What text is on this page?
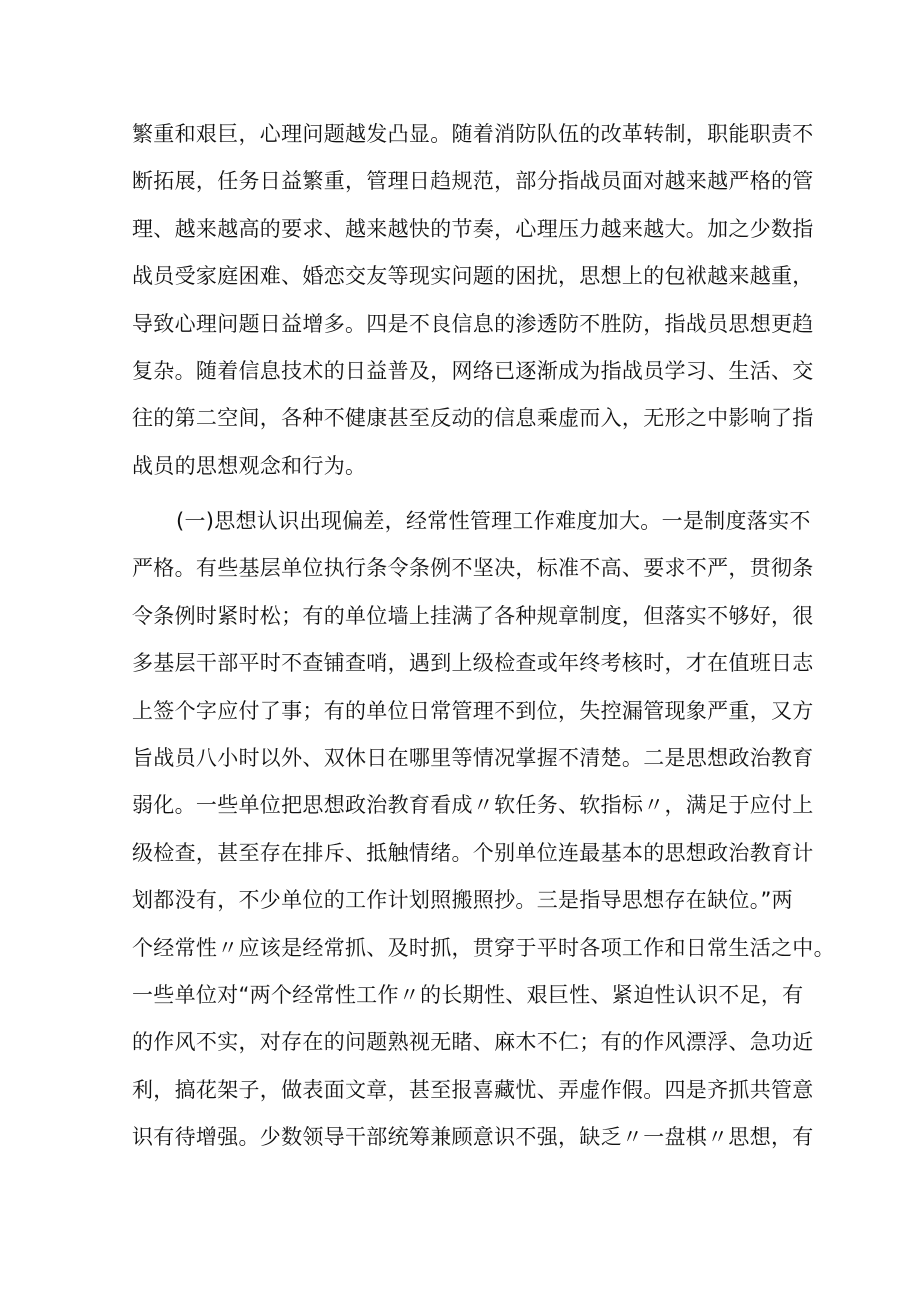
繁重和艰巨，心理问题越发凸显。随着消防队伍的改革转制，职能职责不
断拓展，任务日益繁重，管理日趋规范，部分指战员面对越来越严格的管
理、越来越高的要求、越来越快的节奏，心理压力越来越大。加之少数指
战员受家庭困难、婚恋交友等现实问题的困扰，思想上的包袱越来越重，
导致心理问题日益增多。四是不良信息的渗透防不胜防，指战员思想更趋
复杂。随着信息技术的日益普及，网络已逐渐成为指战员学习、生活、交
往的第二空间，各种不健康甚至反动的信息乘虚而入，无形之中影响了指
战员的思想观念和行为。
(一)思想认识出现偏差，经常性管理工作难度加大。一是制度落实不
严格。有些基层单位执行条令条例不坚决，标准不高、要求不严，贯彻条
令条例时紧时松；有的单位墙上挂满了各种规章制度，但落实不够好，很
多基层干部平时不查铺查哨，遇到上级检查或年终考核时，才在值班日志
上签个字应付了事；有的单位日常管理不到位，失控漏管现象严重，又方
旨战员八小时以外、双休日在哪里等情况掌握不清楚。二是思想政治教育
弱化。一些单位把思想政治教育看成〃软任务、软指标〃，满足于应付上
级检查，甚至存在排斥、抵触情绪。个别单位连最基本的思想政治教育计
划都没有，不少单位的工作计划照搬照抄。三是指导思想存在缺位。”两
个经常性〃应该是经常抓、及时抓，贯穿于平时各项工作和日常生活之中。
一些单位对“两个经常性工作〃的长期性、艰巨性、紧迫性认识不足，有
的作风不实，对存在的问题熟视无睹、麻木不仁；有的作风漂浮、急功近
利，搞花架子，做表面文章，甚至报喜藏忧、弄虚作假。四是齐抓共管意
识有待增强。少数领导干部统筹兼顾意识不强，缺乏〃一盘棋〃思想，有
